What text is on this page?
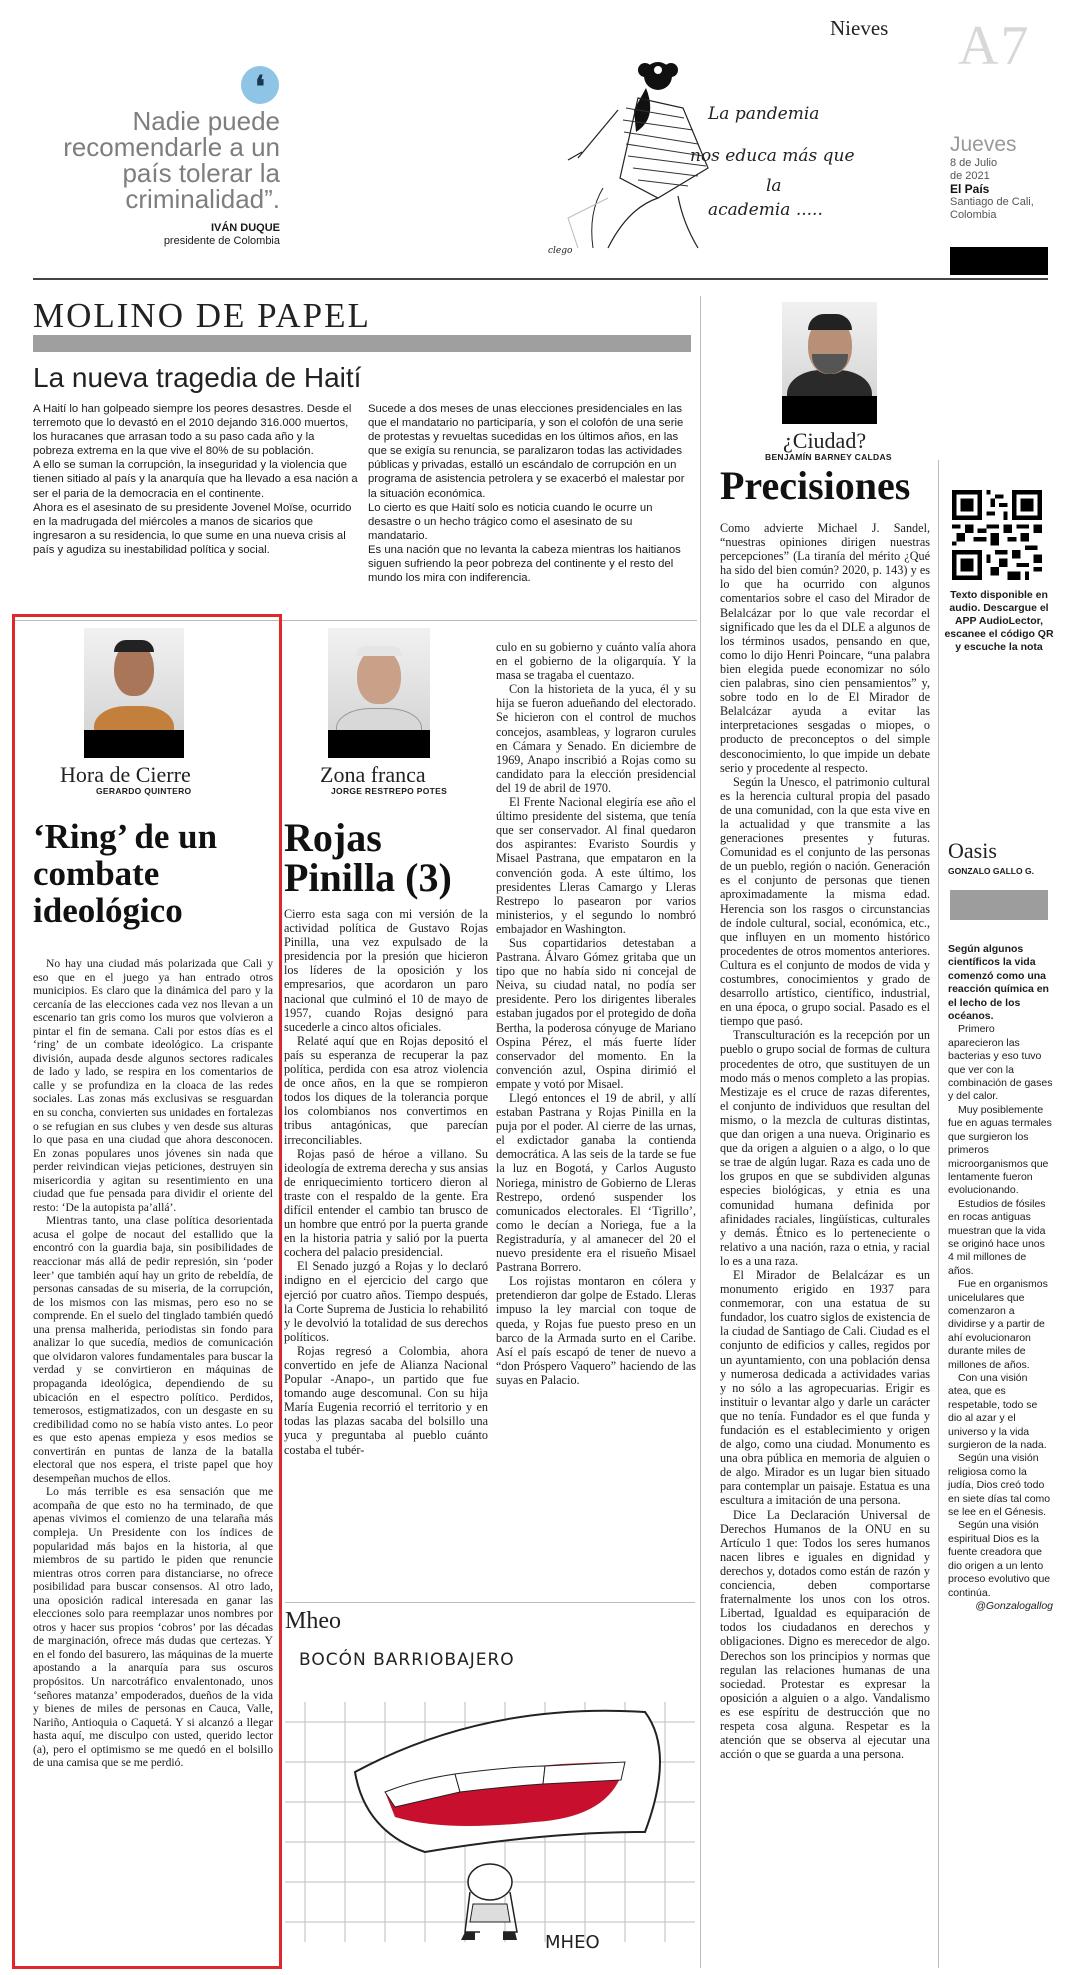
❛
Nadie puede recomendarle a un país tolerar la criminalidad”.
IVÁN DUQUE
presidente de Colombia
La pandemia
nos educa más que
la
academia .....
clego
Nieves A7
Jueves
8 de Julio
de 2021
El País
Santiago de Cali,
Colombia
MOLINO DE PAPEL
La nueva tragedia de Haití

A Haití lo han golpeado siempre los peores desastres. Desde el terremoto que lo devastó en el 2010 dejando 316.000 muertos, los huracanes que arrasan todo a su paso cada año y la pobreza extrema en la que vive el 80% de su población.

A ello se suman la corrupción, la inseguridad y la violencia que tienen sitiado al país y la anarquía que ha llevado a esa nación a ser el paria de la democracia en el continente.

Ahora es el asesinato de su presidente Jovenel Moïse, ocurrido en la madrugada del miércoles a manos de sicarios que ingresaron a su residencia, lo que sume en una nueva crisis al país y agudiza su inestabilidad política y social.

Sucede a dos meses de unas elecciones presidenciales en las que el mandatario no participaría, y son el colofón de una serie de protestas y revueltas sucedidas en los últimos años, en las que se exigía su renuncia, se paralizaron todas las actividades públicas y privadas, estalló un escándalo de corrupción en un programa de asistencia petrolera y se exacerbó el malestar por la situación económica.

Lo cierto es que Haití solo es noticia cuando le ocurre un desastre o un hecho trágico como el asesinato de su mandatario.

Es una nación que no levanta la cabeza mientras los haitianos siguen sufriendo la peor pobreza del continente y el resto del mundo los mira con indiferencia.

¿Ciudad?
BENJAMÍN BARNEY CALDAS
Precisiones

Como advierte Michael J. Sandel, “nuestras opiniones dirigen nuestras percepciones” (La tiranía del mérito ¿Qué ha sido del bien común? 2020, p. 143) y es lo que ha ocurrido con algunos comentarios sobre el caso del Mirador de Belalcázar por lo que vale recordar el significado que les da el DLE a algunos de los términos usados, pensando en que, como lo dijo Henri Poincare, “una palabra bien elegida puede economizar no sólo cien palabras, sino cien pensamientos” y, sobre todo en lo de El Mirador de Belalcázar ayuda a evitar las interpretaciones sesgadas o miopes, o producto de preconceptos o del simple desconocimiento, lo que impide un debate serio y procedente al respecto.

Según la Unesco, el patrimonio cultural es la herencia cultural propia del pasado de una comunidad, con la que esta vive en la actualidad y que transmite a las generaciones presentes y futuras. Comunidad es el conjunto de las personas de un pueblo, región o nación. Generación es el conjunto de personas que tienen aproximadamente la misma edad. Herencia son los rasgos o circunstancias de índole cultural, social, económica, etc., que influyen en un momento histórico procedentes de otros momentos anteriores. Cultura es el conjunto de modos de vida y costumbres, conocimientos y grado de desarrollo artístico, científico, industrial, en una época, o grupo social. Pasado es el tiempo que pasó.

Transculturación es la recepción por un pueblo o grupo social de formas de cultura procedentes de otro, que sustituyen de un modo más o menos completo a las propias. Mestizaje es el cruce de razas diferentes, el conjunto de individuos que resultan del mismo, o la mezcla de culturas distintas, que dan origen a una nueva. Originario es que da origen a alguien o a algo, o lo que se trae de algún lugar. Raza es cada uno de los grupos en que se subdividen algunas especies biológicas, y etnia es una comunidad humana definida por afinidades raciales, lingüísticas, culturales y demás. Étnico es lo perteneciente o relativo a una nación, raza o etnia, y racial lo es a una raza.

El Mirador de Belalcázar es un monumento erigido en 1937 para conmemorar, con una estatua de su fundador, los cuatro siglos de existencia de la ciudad de Santiago de Cali. Ciudad es el conjunto de edificios y calles, regidos por un ayuntamiento, con una población densa y numerosa dedicada a actividades varias y no sólo a las agropecuarias. Erigir es instituir o levantar algo y darle un carácter que no tenía. Fundador es el que funda y fundación es el establecimiento y origen de algo, como una ciudad. Monumento es una obra pública en memoria de alguien o de algo. Mirador es un lugar bien situado para contemplar un paisaje. Estatua es una escultura a imitación de una persona.

Dice La Declaración Universal de Derechos Humanos de la ONU en su Artículo 1 que: Todos los seres humanos nacen libres e iguales en dignidad y derechos y, dotados como están de razón y conciencia, deben comportarse fraternalmente los unos con los otros. Libertad, Igualdad es equiparación de todos los ciudadanos en derechos y obligaciones. Digno es merecedor de algo. Derechos son los principios y normas que regulan las relaciones humanas de una sociedad. Protestar es expresar la oposición a alguien o a algo. Vandalismo es ese espíritu de destrucción que no respeta cosa alguna. Respetar es la atención que se observa al ejecutar una acción o que se guarda a una persona.

Texto disponible en audio. Descargue el APP AudioLector, escanee el código QR y escuche la nota
Oasis
GONZALO GALLO G.

Según algunos científicos la vida comenzó como una reacción química en el lecho de los océanos.

Primero aparecieron las bacterias y eso tuvo que ver con la combinación de gases y del calor.

Muy posiblemente fue en aguas termales que surgieron los primeros microorganismos que lentamente fueron evolucionando.

Estudios de fósiles en rocas antiguas muestran que la vida se originó hace unos 4 mil millones de años.

Fue en organismos unicelulares que comenzaron a dividirse y a partir de ahí evolucionaron durante miles de millones de años.

Con una visión atea, que es respetable, todo se dio al azar y el universo y la vida surgieron de la nada.

Según una visión religiosa como la judía, Dios creó todo en siete días tal como se lee en el Génesis.

Según una visión espiritual Dios es la fuente creadora que dio origen a un lento proceso evolutivo que continúa.

@Gonzalogallog

Hora de Cierre
GERARDO QUINTERO
‘Ring’ de un combate ideológico

No hay una ciudad más polarizada que Cali y eso que en el juego ya han entrado otros municipios. Es claro que la dinámica del paro y la cercanía de las elecciones cada vez nos llevan a un escenario tan gris como los muros que volvieron a pintar el fin de semana. Cali por estos días es el ‘ring’ de un combate ideológico. La crispante división, aupada desde algunos sectores radicales de lado y lado, se respira en los comentarios de calle y se profundiza en la cloaca de las redes sociales. Las zonas más exclusivas se resguardan en su concha, convierten sus unidades en fortalezas o se refugian en sus clubes y ven desde sus alturas lo que pasa en una ciudad que ahora desconocen. En zonas populares unos jóvenes sin nada que perder reivindican viejas peticiones, destruyen sin misericordia y agitan su resentimiento en una ciudad que fue pensada para dividir el oriente del resto: ‘De la autopista pa’allá’.

Mientras tanto, una clase política desorientada acusa el golpe de nocaut del estallido que la encontró con la guardia baja, sin posibilidades de reaccionar más allá de pedir represión, sin ‘poder leer’ que también aquí hay un grito de rebeldía, de personas cansadas de su miseria, de la corrupción, de los mismos con las mismas, pero eso no se comprende. En el suelo del tinglado también quedó una prensa malherida, periodistas sin fondo para analizar lo que sucedía, medios de comunicación que olvidaron valores fundamentales para buscar la verdad y se convirtieron en máquinas de propaganda ideológica, dependiendo de su ubicación en el espectro político. Perdidos, temerosos, estigmatizados, con un desgaste en su credibilidad como no se había visto antes. Lo peor es que esto apenas empieza y esos medios se convertirán en puntas de lanza de la batalla electoral que nos espera, el triste papel que hoy desempeñan muchos de ellos.

Lo más terrible es esa sensación que me acompaña de que esto no ha terminado, de que apenas vivimos el comienzo de una telaraña más compleja. Un Presidente con los índices de popularidad más bajos en la historia, al que miembros de su partido le piden que renuncie mientras otros corren para distanciarse, no ofrece posibilidad para buscar consensos. Al otro lado, una oposición radical interesada en ganar las elecciones solo para reemplazar unos nombres por otros y hacer sus propios ‘cobros’ por las décadas de marginación, ofrece más dudas que certezas. Y en el fondo del basurero, las máquinas de la muerte apostando a la anarquía para sus oscuros propósitos. Un narcotráfico envalentonado, unos ‘señores matanza’ empoderados, dueños de la vida y bienes de miles de personas en Cauca, Valle, Nariño, Antioquia o Caquetá. Y si alcanzó a llegar hasta aquí, me disculpo con usted, querido lector (a), pero el optimismo se me quedó en el bolsillo de una camisa que se me perdió.

Zona franca
JORGE RESTREPO POTES
Rojas
Pinilla (3)

Cierro esta saga con mi versión de la actividad política de Gustavo Rojas Pinilla, una vez expulsado de la presidencia por la presión que hicieron los líderes de la oposición y los empresarios, que acordaron un paro nacional que culminó el 10 de mayo de 1957, cuando Rojas designó para sucederle a cinco altos oficiales.

Relaté aquí que en Rojas depositó el país su esperanza de recuperar la paz política, perdida con esa atroz violencia de once años, en la que se rompieron todos los diques de la tolerancia porque los colombianos nos convertimos en tribus antagónicas, que parecían irreconciliables.

Rojas pasó de héroe a villano. Su ideología de extrema derecha y sus ansias de enriquecimiento torticero dieron al traste con el respaldo de la gente. Era difícil entender el cambio tan brusco de un hombre que entró por la puerta grande en la historia patria y salió por la puerta cochera del palacio presidencial.

El Senado juzgó a Rojas y lo declaró indigno en el ejercicio del cargo que ejerció por cuatro años. Tiempo después, la Corte Suprema de Justicia lo rehabilitó y le devolvió la totalidad de sus derechos políticos.

Rojas regresó a Colombia, ahora convertido en jefe de Alianza Nacional Popular -Anapo-, un partido que fue tomando auge descomunal. Con su hija María Eugenia recorrió el territorio y en todas las plazas sacaba del bolsillo una yuca y preguntaba al pueblo cuánto costaba el tubér-

culo en su gobierno y cuánto valía ahora en el gobierno de la oligarquía. Y la masa se tragaba el cuentazo.

Con la historieta de la yuca, él y su hija se fueron adueñando del electorado. Se hicieron con el control de muchos concejos, asambleas, y lograron curules en Cámara y Senado. En diciembre de 1969, Anapo inscribió a Rojas como su candidato para la elección presidencial del 19 de abril de 1970.

El Frente Nacional elegiría ese año el último presidente del sistema, que tenía que ser conservador. Al final quedaron dos aspirantes: Evaristo Sourdis y Misael Pastrana, que empataron en la convención goda. A este último, los presidentes Lleras Camargo y Lleras Restrepo lo pasearon por varios ministerios, y el segundo lo nombró embajador en Washington.

Sus copartidarios detestaban a Pastrana. Álvaro Gómez gritaba que un tipo que no había sido ni concejal de Neiva, su ciudad natal, no podía ser presidente. Pero los dirigentes liberales estaban jugados por el protegido de doña Bertha, la poderosa cónyuge de Mariano Ospina Pérez, el más fuerte líder conservador del momento. En la convención azul, Ospina dirimió el empate y votó por Misael.

Llegó entonces el 19 de abril, y allí estaban Pastrana y Rojas Pinilla en la puja por el poder. Al cierre de las urnas, el exdictador ganaba la contienda democrática. A las seis de la tarde se fue la luz en Bogotá, y Carlos Augusto Noriega, ministro de Gobierno de Lleras Restrepo, ordenó suspender los comunicados electorales. El ‘Tigrillo’, como le decían a Noriega, fue a la Registraduría, y al amanecer del 20 el nuevo presidente era el risueño Misael Pastrana Borrero.

Los rojistas montaron en cólera y pretendieron dar golpe de Estado. Lleras impuso la ley marcial con toque de queda, y Rojas fue puesto preso en un barco de la Armada surto en el Caribe. Así el país escapó de tener de nuevo a “don Próspero Vaquero” haciendo de las suyas en Palacio.

Mheo
BOCÓN BARRIOBAJERO
MHEO
